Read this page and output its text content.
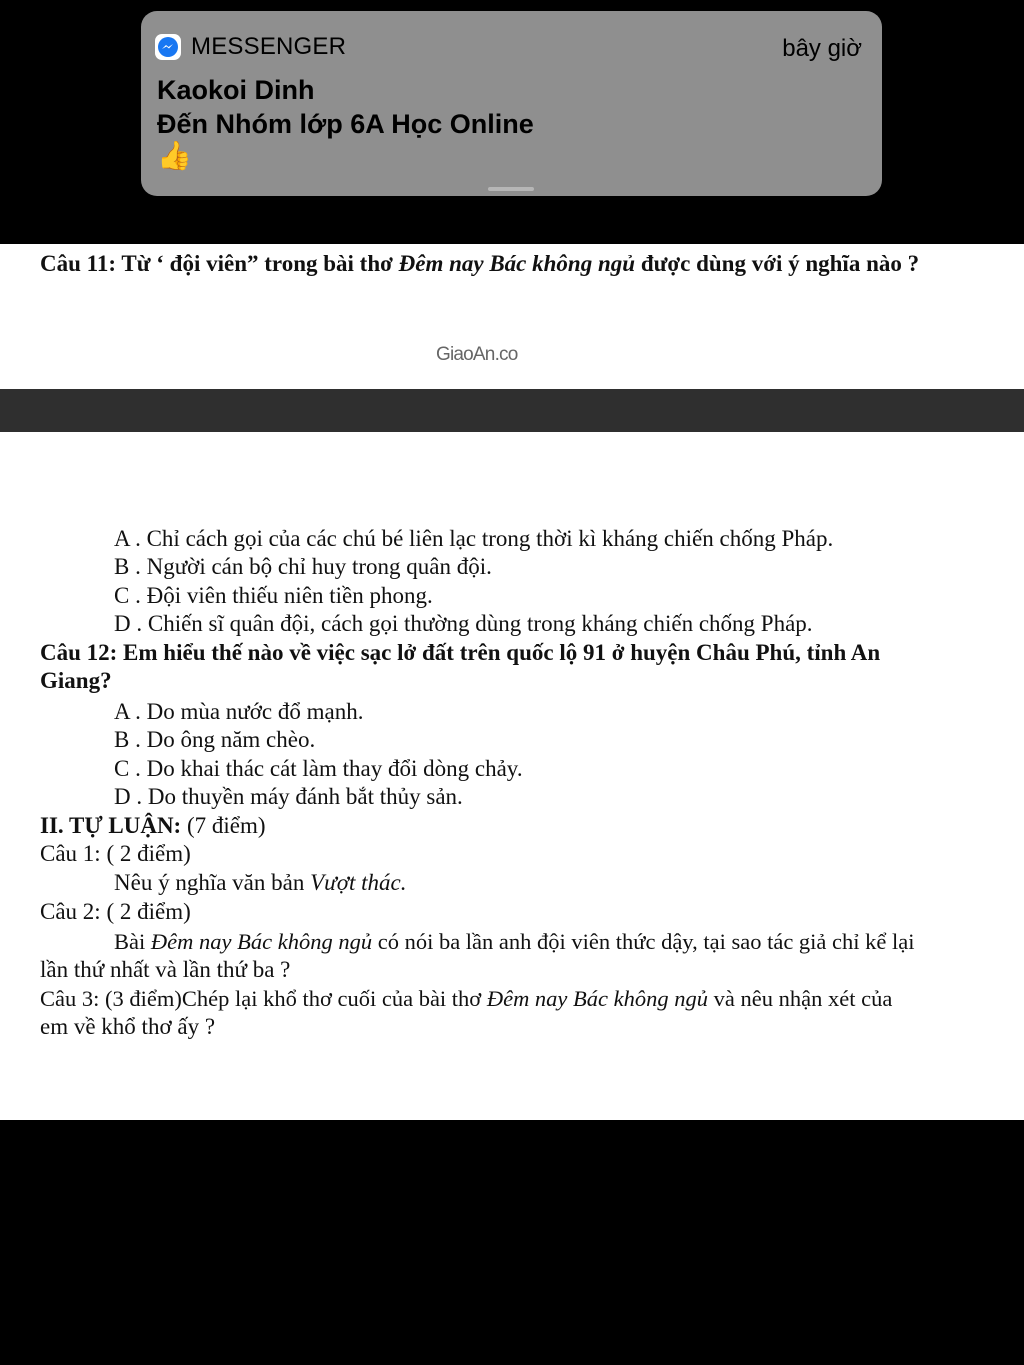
MESSENGER	bây giờ
Kaokoi Dinh
Đến Nhóm lớp 6A Học Online
👍
Câu 11: Từ ‘ đội viên” trong bài thơ Đêm nay Bác không ngủ được dùng với ý nghĩa nào ?
GiaoAn.co
A . Chỉ cách gọi của các chú bé liên lạc trong thời kì kháng chiến chống Pháp.
B . Người cán bộ chỉ huy trong quân đội.
C . Đội viên thiếu niên tiền phong.
D . Chiến sĩ quân đội, cách gọi thường dùng trong kháng chiến chống Pháp.
Câu 12: Em hiểu thế nào về việc sạc lở đất trên quốc lộ 91 ở huyện Châu Phú, tỉnh An
Giang?
A . Do mùa nước đổ mạnh.
B . Do ông năm chèo.
C . Do khai thác cát làm thay đổi dòng chảy.
D . Do thuyền máy đánh bắt thủy sản.
II. TỰ LUẬN: (7 điểm)
Câu 1: ( 2 điểm)
Nêu ý nghĩa văn bản Vượt thác.
Câu 2: ( 2 điểm)
Bài Đêm nay Bác không ngủ có nói ba lần anh đội viên thức dậy, tại sao tác giả chỉ kể lại
lần thứ nhất và lần thứ ba ?
Câu 3: (3 điểm)Chép lại khổ thơ cuối của bài thơ Đêm nay Bác không ngủ và nêu nhận xét của
em về khổ thơ ấy ?
